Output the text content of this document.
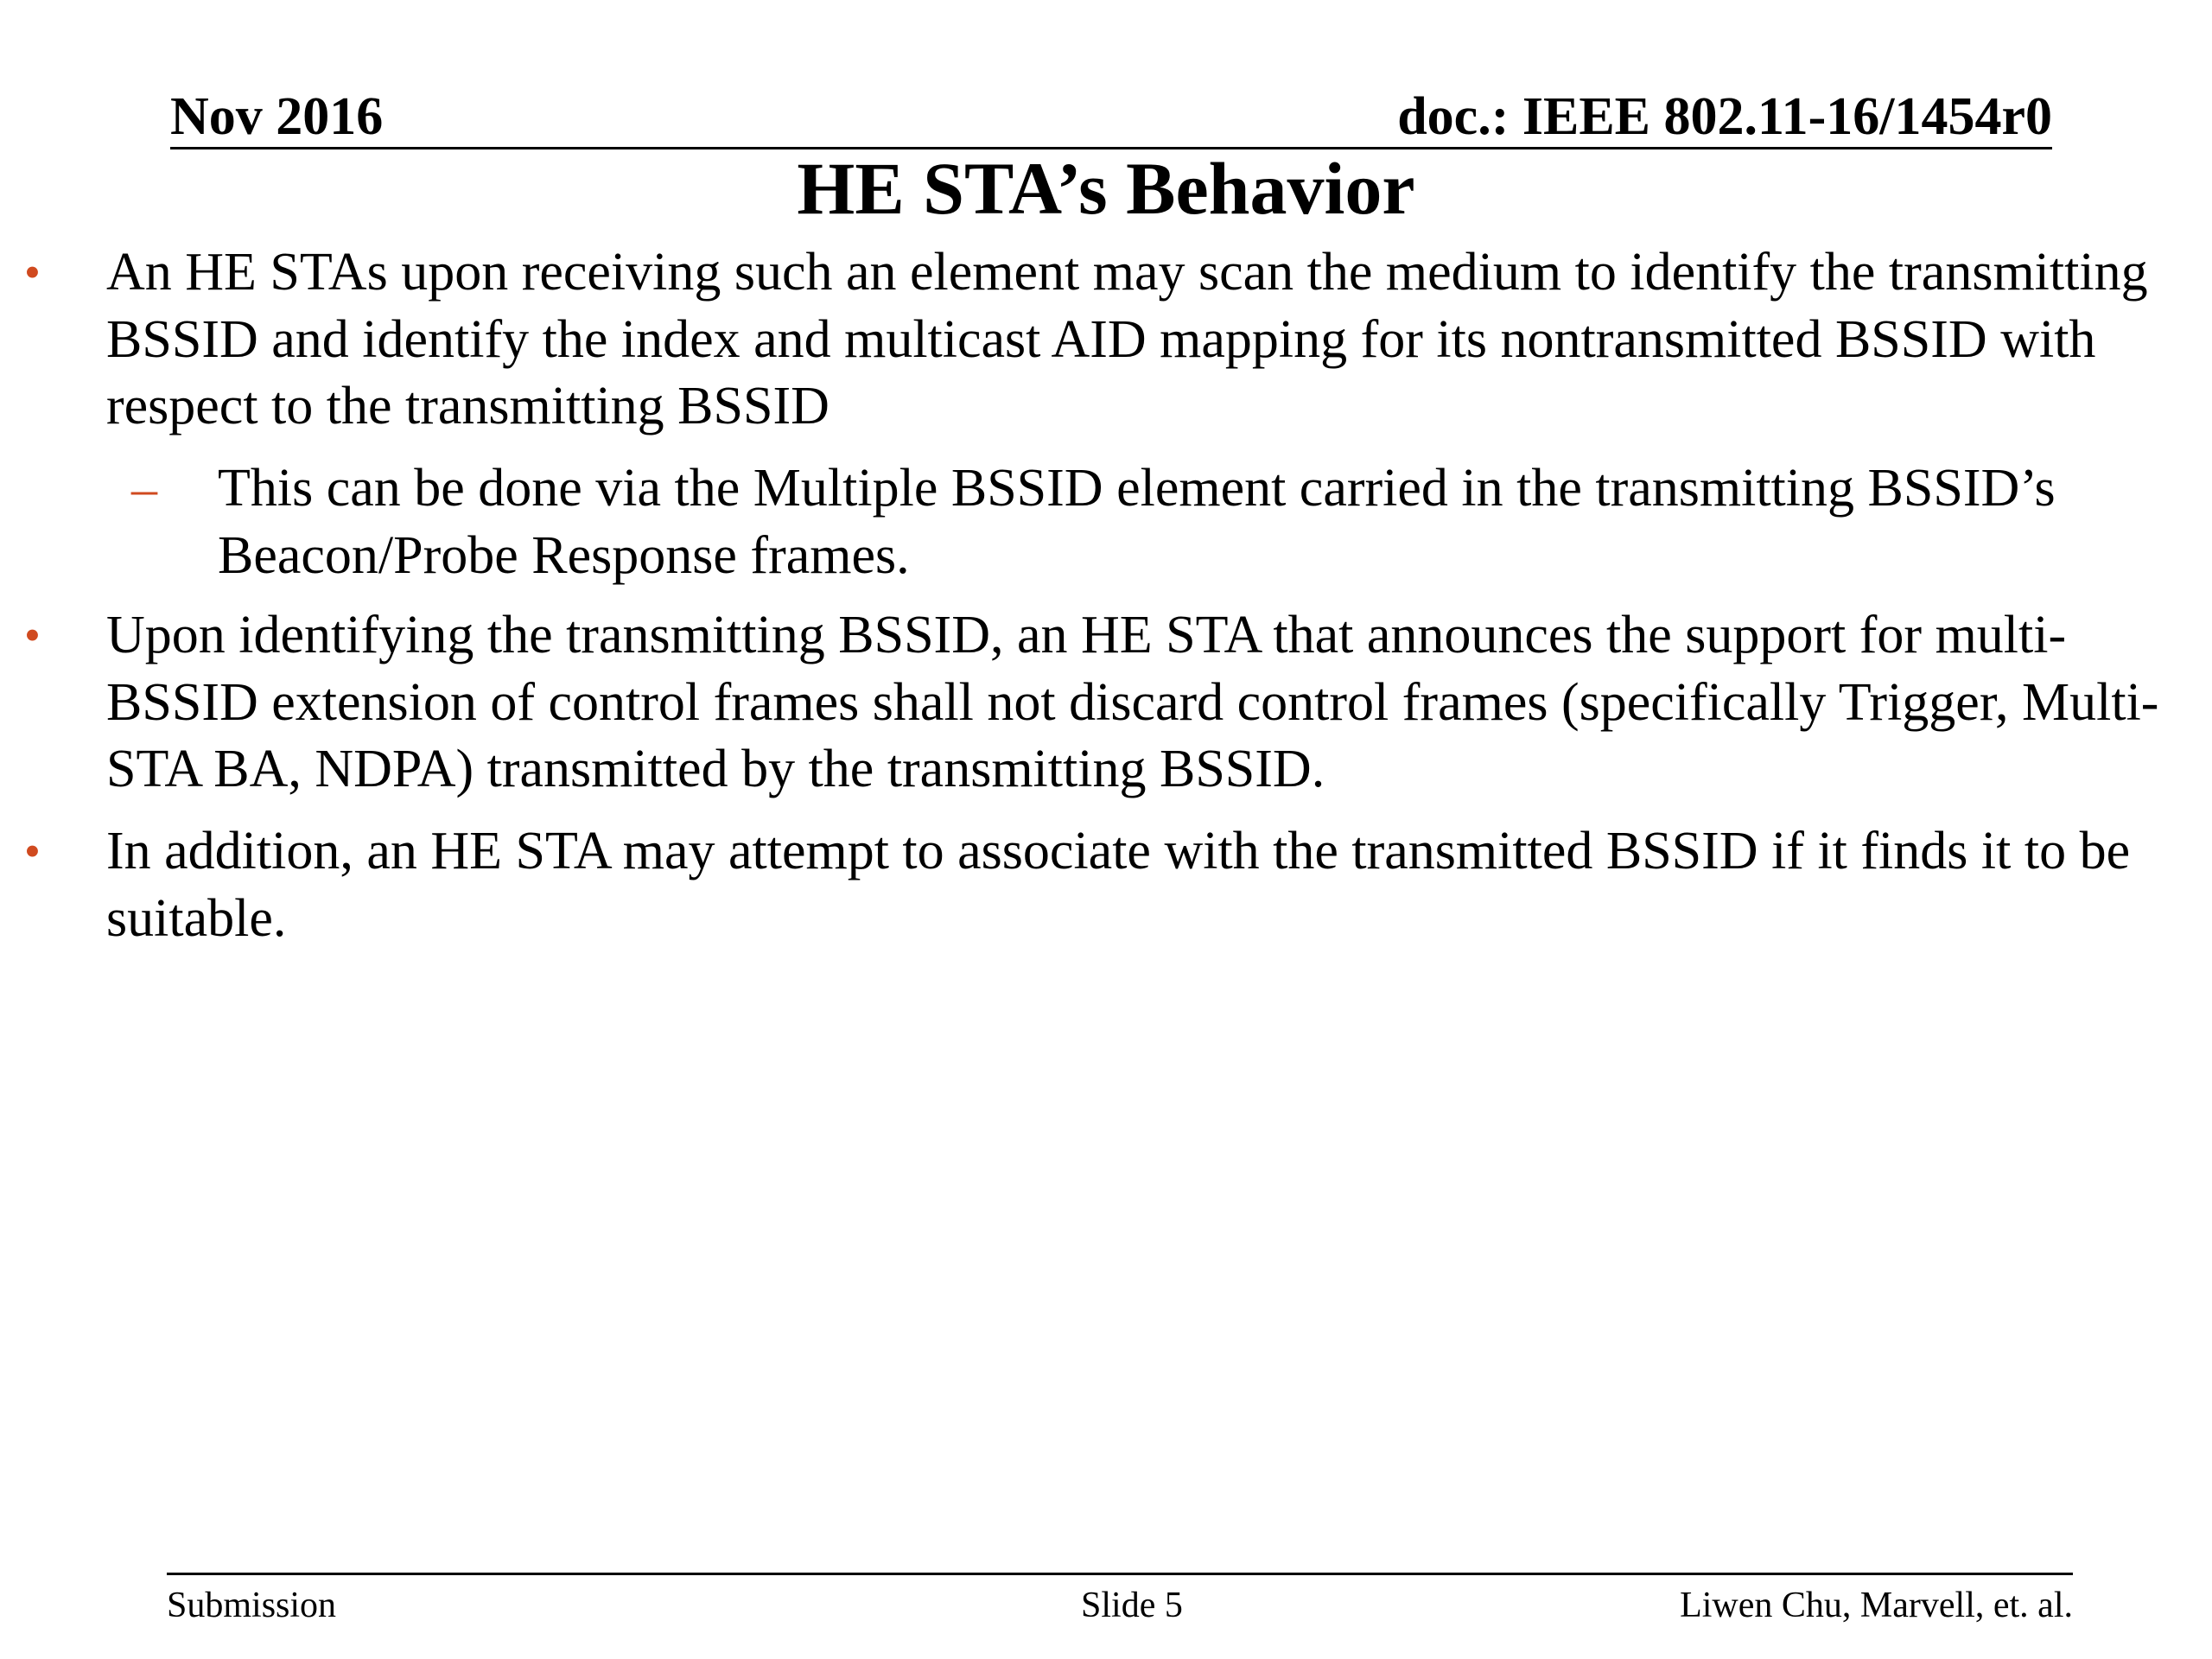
Nov 2016	doc.: IEEE 802.11-16/1454r0
HE STA’s Behavior
• An HE STAs upon receiving such an element may scan the medium to identify the transmitting BSSID and identify the index and multicast AID mapping for its nontransmitted BSSID with respect to the transmitting BSSID
– This can be done via the Multiple BSSID element carried in the transmitting BSSID’s Beacon/Probe Response frames.
• Upon identifying the transmitting BSSID, an HE STA that announces the support for multi-BSSID extension of control frames shall not discard control frames (specifically Trigger, Multi-STA BA, NDPA) transmitted by the transmitting BSSID.
• In addition, an HE STA may attempt to associate with the transmitted BSSID if it finds it to be suitable.
Submission	Slide 5	Liwen Chu, Marvell, et. al.
